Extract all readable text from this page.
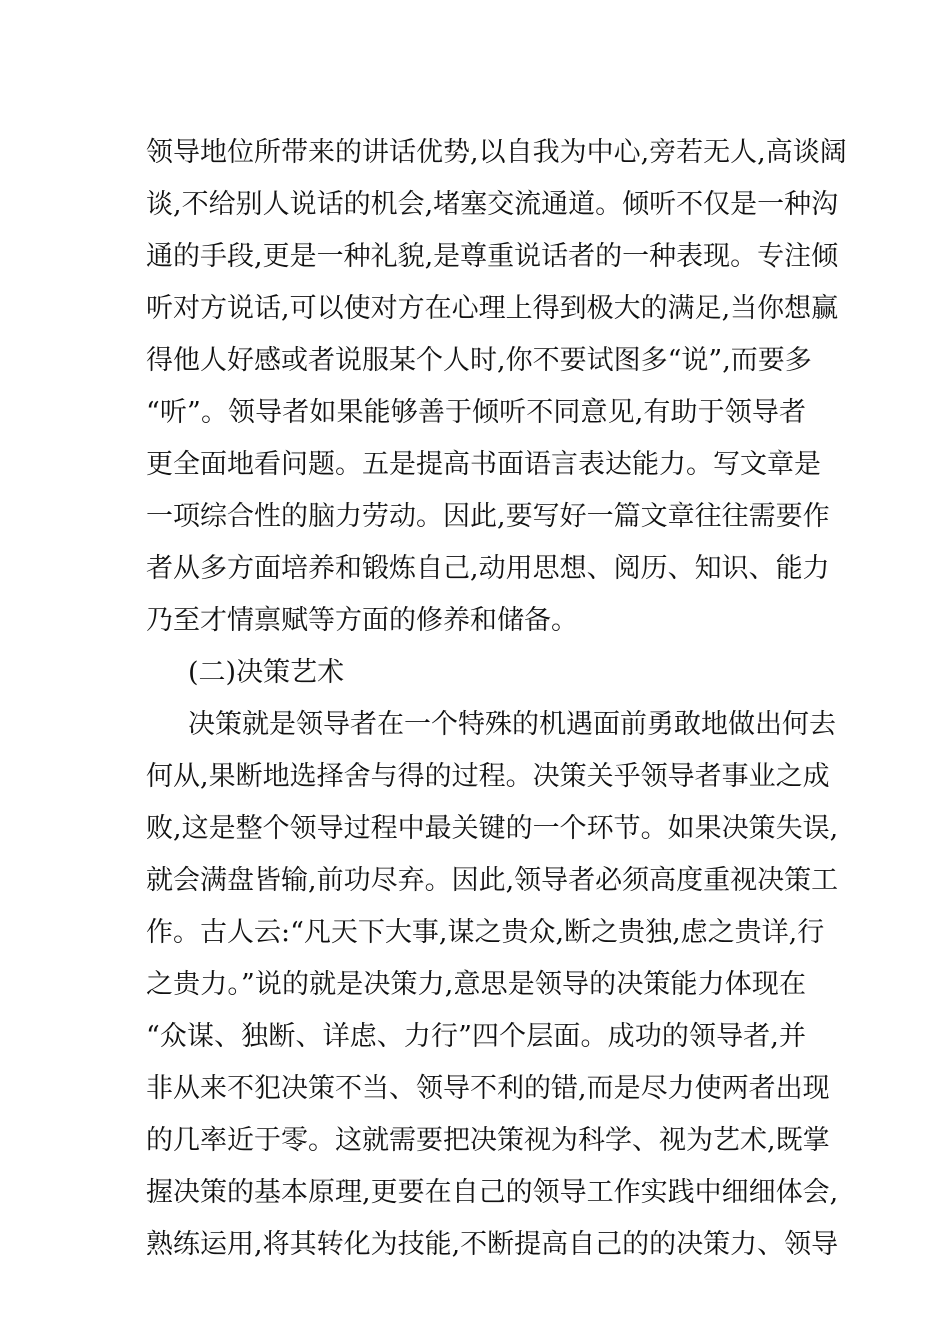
领导地位所带来的讲话优势,以自我为中心,旁若无人,高谈阔
谈,不给别人说话的机会,堵塞交流通道。倾听不仅是一种沟
通的手段,更是一种礼貌,是尊重说话者的一种表现。专注倾
听对方说话,可以使对方在心理上得到极大的满足,当你想赢
得他人好感或者说服某个人时,你不要试图多“说”,而要多
“听”。领导者如果能够善于倾听不同意见,有助于领导者
更全面地看问题。五是提高书面语言表达能力。写文章是
一项综合性的脑力劳动。因此,要写好一篇文章往往需要作
者从多方面培养和锻炼自己,动用思想、阅历、知识、能力
乃至才情禀赋等方面的修养和储备。
(二)决策艺术
决策就是领导者在一个特殊的机遇面前勇敢地做出何去
何从,果断地选择舍与得的过程。决策关乎领导者事业之成
败,这是整个领导过程中最关键的一个环节。如果决策失误,
就会满盘皆输,前功尽弃。因此,领导者必须高度重视决策工
作。古人云:“凡天下大事,谋之贵众,断之贵独,虑之贵详,行
之贵力。”说的就是决策力,意思是领导的决策能力体现在
“众谋、独断、详虑、力行”四个层面。成功的领导者,并
非从来不犯决策不当、领导不利的错,而是尽力使两者出现
的几率近于零。这就需要把决策视为科学、视为艺术,既掌
握决策的基本原理,更要在自己的领导工作实践中细细体会,
熟练运用,将其转化为技能,不断提高自己的的决策力、领导
